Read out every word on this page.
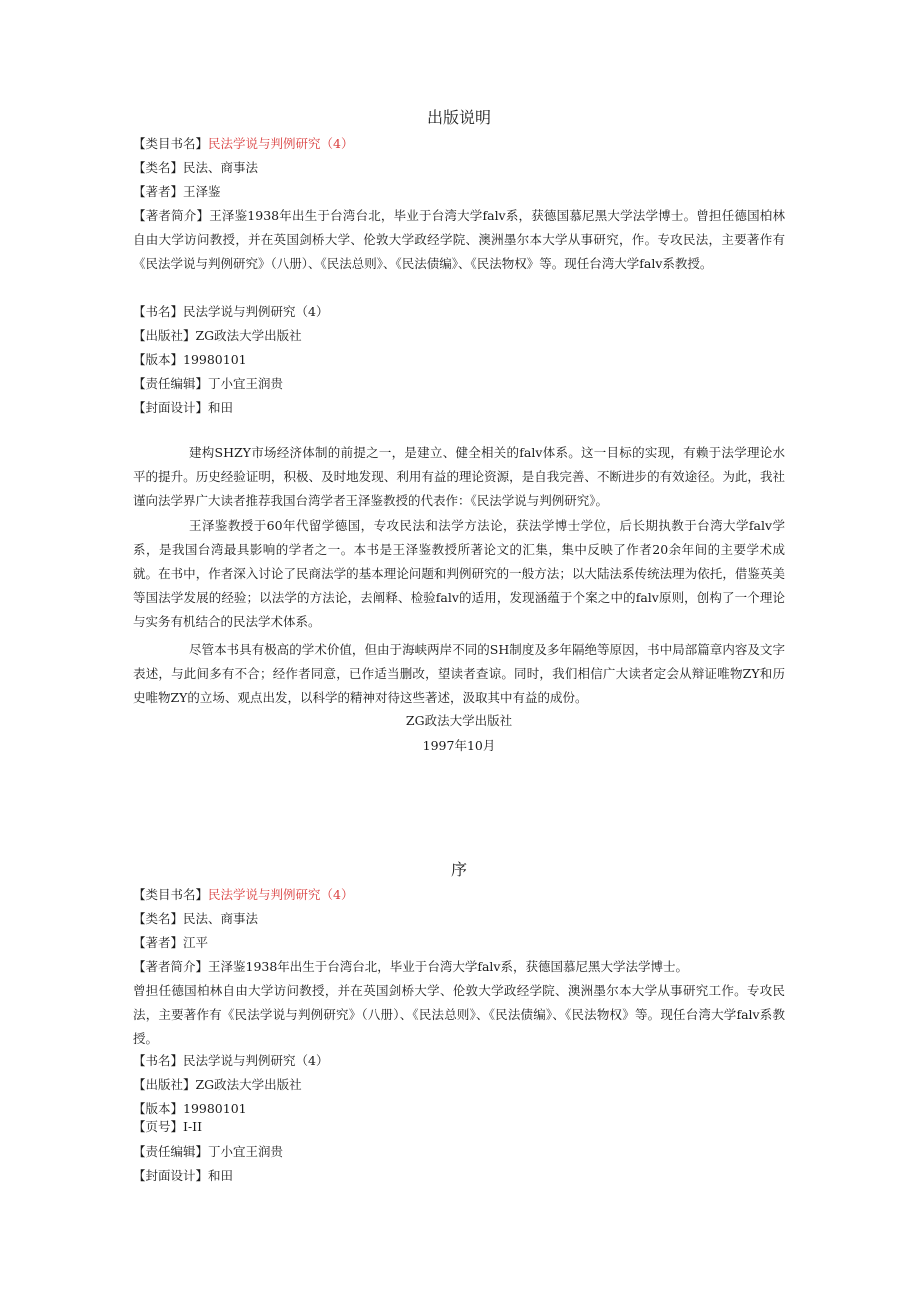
出版说明
【类目书名】民法学说与判例研究（4）
【类名】民法、商事法
【著者】王泽鉴
【著者简介】王泽鉴1938年出生于台湾台北，毕业于台湾大学falv系，获德国慕尼黑大学法学博士。曾担任德国柏林自由大学访问教授，并在英国剑桥大学、伦敦大学政经学院、澳洲墨尔本大学从事研究，作。专攻民法，主要著作有《民法学说与判例研究》（八册）、《民法总则》、《民法债编》、《民法物权》等。现任台湾大学falv系教授。
【书名】民法学说与判例研究（4）
【出版社】ZG政法大学出版社
【版本】19980101
【责任编辑】丁小宜王润贵
【封面设计】和田
建构SHZY市场经济体制的前提之一，是建立、健全相关的falv体系。这一目标的实现，有赖于法学理论水平的提升。历史经验证明，积极、及时地发现、利用有益的理论资源，是自我完善、不断进步的有效途径。为此，我社谨向法学界广大读者推荐我国台湾学者王泽鉴教授的代表作：《民法学说与判例研究》。
王泽鉴教授于60年代留学德国，专攻民法和法学方法论，获法学博士学位，后长期执教于台湾大学falv学系，是我国台湾最具影响的学者之一。本书是王泽鉴教授所著论文的汇集，集中反映了作者20余年间的主要学术成就。在书中，作者深入讨论了民商法学的基本理论问题和判例研究的一般方法；以大陆法系传统法理为依托，借鉴英美等国法学发展的经验；以法学的方法论，去阐释、检验falv的适用，发现涵蕴于个案之中的falv原则，创构了一个理论与实务有机结合的民法学术体系。
尽管本书具有极高的学术价值，但由于海峡两岸不同的SH制度及多年隔绝等原因，书中局部篇章内容及文字表述，与此间多有不合；经作者同意，已作适当删改，望读者查谅。同时，我们相信广大读者定会从辩证唯物ZY和历史唯物ZY的立场、观点出发，以科学的精神对待这些著述，汲取其中有益的成份。
ZG政法大学出版社
1997年10月
序
【类目书名】民法学说与判例研究（4）
【类名】民法、商事法
【著者】江平
【著者简介】王泽鉴1938年出生于台湾台北，毕业于台湾大学falv系，获德国慕尼黑大学法学博士。
曾担任德国柏林自由大学访问教授，并在英国剑桥大学、伦敦大学政经学院、澳洲墨尔本大学从事研究工作。专攻民法，主要著作有《民法学说与判例研究》（八册）、《民法总则》、《民法债编》、《民法物权》等。现任台湾大学falv系教授。
【书名】民法学说与判例研究（4）
【出版社】ZG政法大学出版社
【版本】19980101
【页号】I-II
【责任编辑】丁小宜王润贵
【封面设计】和田
